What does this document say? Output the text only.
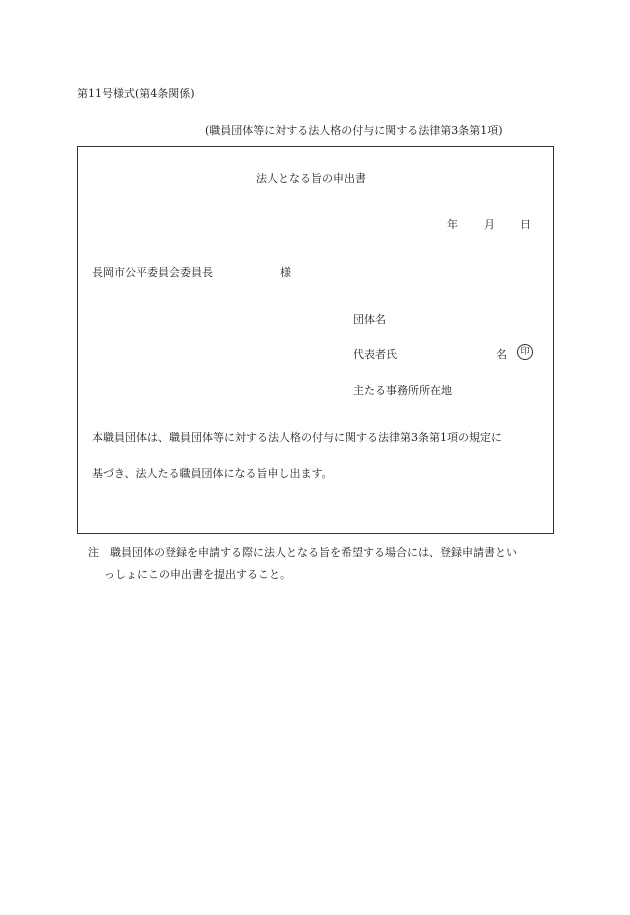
第11号様式(第4条関係)
(職員団体等に対する法人格の付与に関する法律第3条第1項)
法人となる旨の申出書
年 月 日
長岡市公平委員会委員長	様
団体名
代表者氏	名	印
主たる事務所所在地
本職員団体は、職員団体等に対する法人格の付与に関する法律第3条第1項の規定に
基づき、法人たる職員団体になる旨申し出ます。
注　職員団体の登録を申請する際に法人となる旨を希望する場合には、登録申請書とい
っしょにこの申出書を提出すること。
